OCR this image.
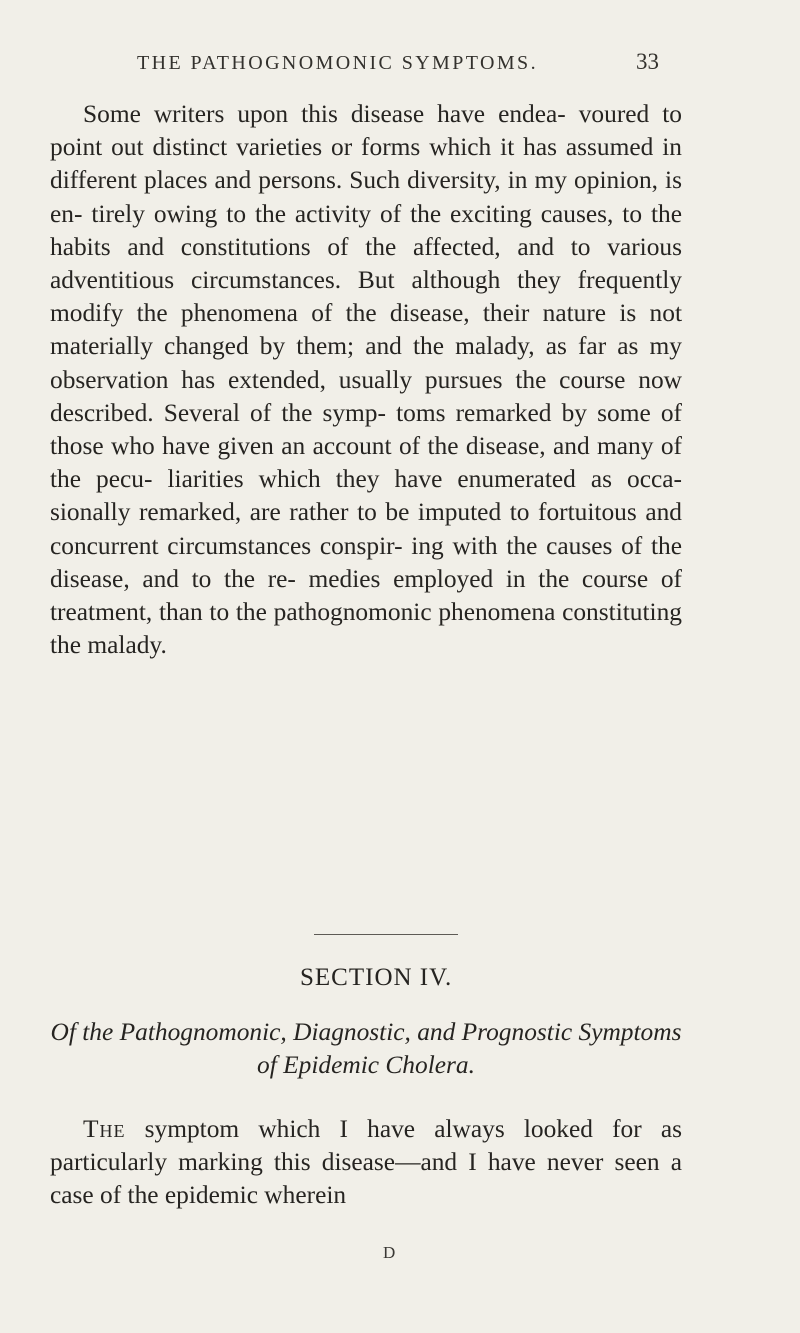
THE PATHOGNOMONIC SYMPTOMS.	33

Some writers upon this disease have endea- voured to point out distinct varieties or forms which it has assumed in different places and persons. Such diversity, in my opinion, is en- tirely owing to the activity of the exciting causes, to the habits and constitutions of the affected, and to various adventitious circumstances. But although they frequently modify the phenomena of the disease, their nature is not materially changed by them; and the malady, as far as my observation has extended, usually pursues the course now described. Several of the symp- toms remarked by some of those who have given an account of the disease, and many of the pecu- liarities which they have enumerated as occa- sionally remarked, are rather to be imputed to fortuitous and concurrent circumstances conspir- ing with the causes of the disease, and to the re- medies employed in the course of treatment, than to the pathognomonic phenomena constituting the malady.

SECTION IV.

Of the Pathognomonic, Diagnostic, and Prognostic Symptoms of Epidemic Cholera.

The symptom which I have always looked for as particularly marking this disease—and I have never seen a case of the epidemic wherein

D
